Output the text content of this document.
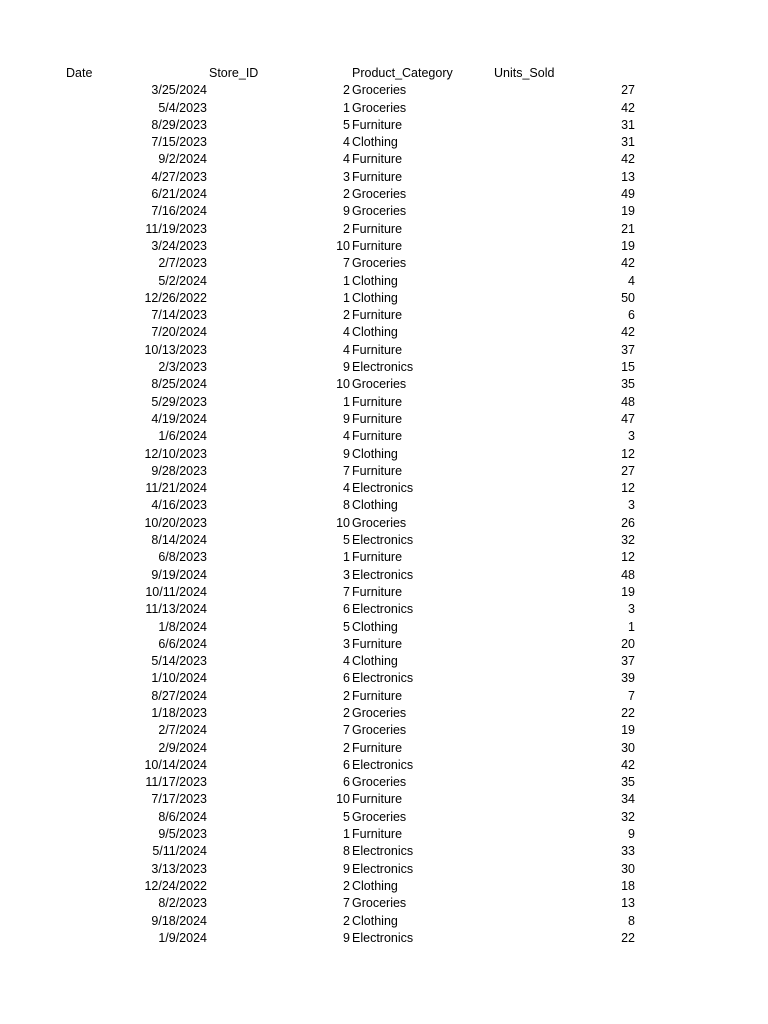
Date	Store_ID	Product_Category	Units_Sold
3/25/2024	2 Groceries	27
5/4/2023	1 Groceries	42
8/29/2023	5 Furniture	31
7/15/2023	4 Clothing	31
9/2/2024	4 Furniture	42
4/27/2023	3 Furniture	13
6/21/2024	2 Groceries	49
7/16/2024	9 Groceries	19
11/19/2023	2 Furniture	21
3/24/2023	10 Furniture	19
2/7/2023	7 Groceries	42
5/2/2024	1 Clothing	4
12/26/2022	1 Clothing	50
7/14/2023	2 Furniture	6
7/20/2024	4 Clothing	42
10/13/2023	4 Furniture	37
2/3/2023	9 Electronics	15
8/25/2024	10 Groceries	35
5/29/2023	1 Furniture	48
4/19/2024	9 Furniture	47
1/6/2024	4 Furniture	3
12/10/2023	9 Clothing	12
9/28/2023	7 Furniture	27
11/21/2024	4 Electronics	12
4/16/2023	8 Clothing	3
10/20/2023	10 Groceries	26
8/14/2024	5 Electronics	32
6/8/2023	1 Furniture	12
9/19/2024	3 Electronics	48
10/11/2024	7 Furniture	19
11/13/2024	6 Electronics	3
1/8/2024	5 Clothing	1
6/6/2024	3 Furniture	20
5/14/2023	4 Clothing	37
1/10/2024	6 Electronics	39
8/27/2024	2 Furniture	7
1/18/2023	2 Groceries	22
2/7/2024	7 Groceries	19
2/9/2024	2 Furniture	30
10/14/2024	6 Electronics	42
11/17/2023	6 Groceries	35
7/17/2023	10 Furniture	34
8/6/2024	5 Groceries	32
9/5/2023	1 Furniture	9
5/11/2024	8 Electronics	33
3/13/2023	9 Electronics	30
12/24/2022	2 Clothing	18
8/2/2023	7 Groceries	13
9/18/2024	2 Clothing	8
1/9/2024	9 Electronics	22
